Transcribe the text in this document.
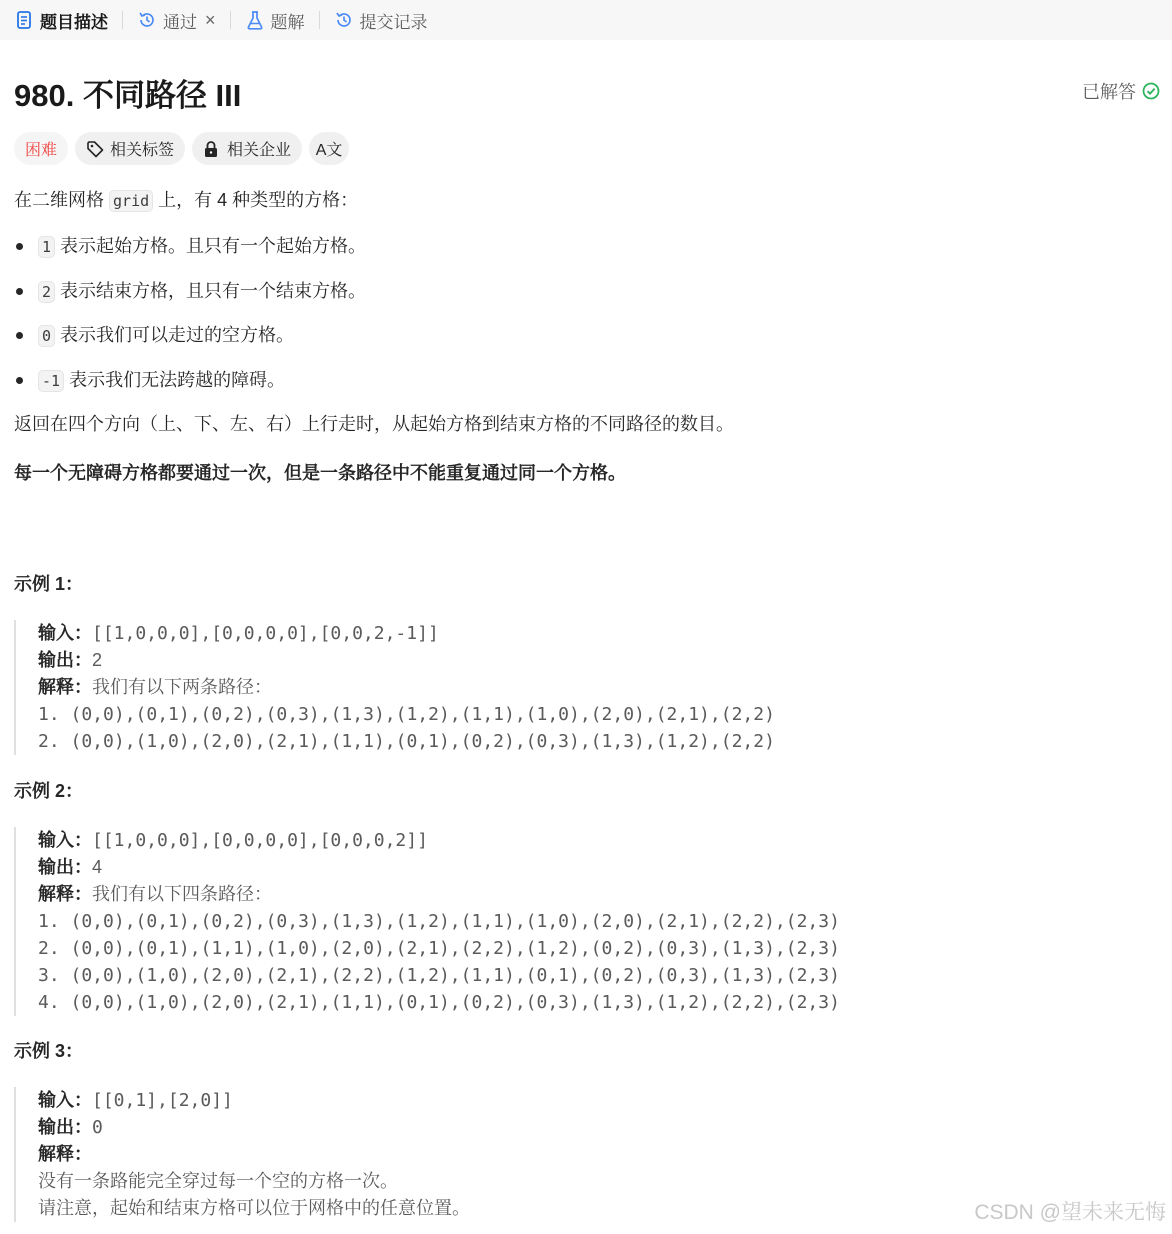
题目描述	通过 ×	题解	提交记录
980. 不同路径 III	已解答
困难	相关标签	相关企业 A文
在二维网格 grid 上，有 4 种类型的方格：
1 表示起始方格。且只有一个起始方格。
2 表示结束方格，且只有一个结束方格。
0 表示我们可以走过的空方格。
-1 表示我们无法跨越的障碍。
返回在四个方向（上、下、左、右）上行走时，从起始方格到结束方格的不同路径的数目。
每一个无障碍方格都要通过一次，但是一条路径中不能重复通过同一个方格。
示例 1：
输入：[[1,0,0,0],[0,0,0,0],[0,0,2,-1]]
输出：2
解释：我们有以下两条路径：
1. (0,0),(0,1),(0,2),(0,3),(1,3),(1,2),(1,1),(1,0),(2,0),(2,1),(2,2)
2. (0,0),(1,0),(2,0),(2,1),(1,1),(0,1),(0,2),(0,3),(1,3),(1,2),(2,2)
示例 2：
输入：[[1,0,0,0],[0,0,0,0],[0,0,0,2]]
输出：4
解释：我们有以下四条路径：
1. (0,0),(0,1),(0,2),(0,3),(1,3),(1,2),(1,1),(1,0),(2,0),(2,1),(2,2),(2,3)
2. (0,0),(0,1),(1,1),(1,0),(2,0),(2,1),(2,2),(1,2),(0,2),(0,3),(1,3),(2,3)
3. (0,0),(1,0),(2,0),(2,1),(2,2),(1,2),(1,1),(0,1),(0,2),(0,3),(1,3),(2,3)
4. (0,0),(1,0),(2,0),(2,1),(1,1),(0,1),(0,2),(0,3),(1,3),(1,2),(2,2),(2,3)
示例 3：
输入：[[0,1],[2,0]]
输出：0
解释：
没有一条路能完全穿过每一个空的方格一次。
请注意，起始和结束方格可以位于网格中的任意位置。	CSDN @望未来无悔
